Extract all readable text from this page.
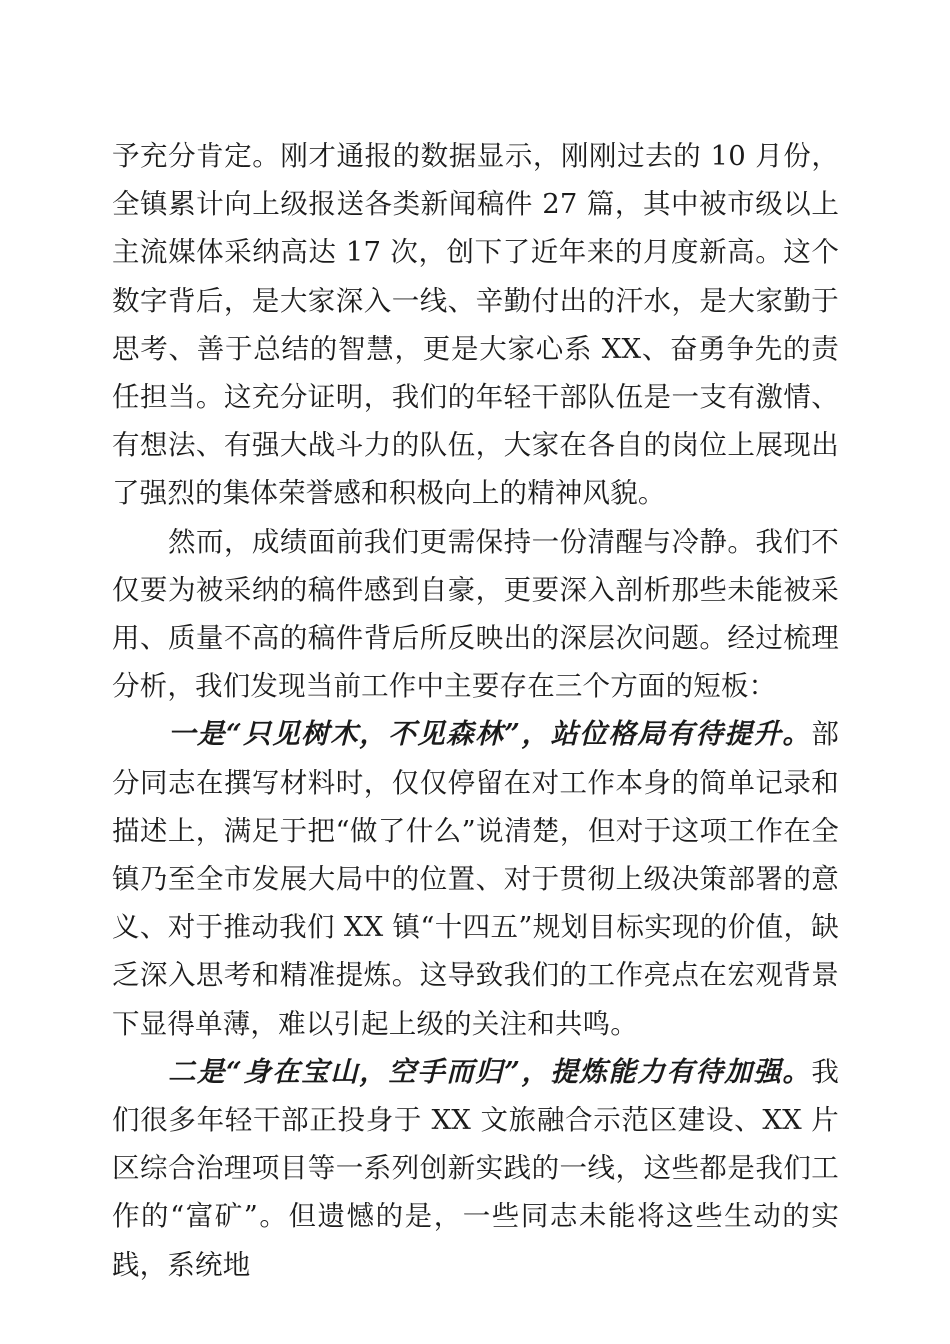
予充分肯定。刚才通报的数据显示，刚刚过去的 10 月份，全镇累计向上级报送各类新闻稿件 27 篇，其中被市级以上主流媒体采纳高达 17 次，创下了近年来的月度新高。这个数字背后，是大家深入一线、辛勤付出的汗水，是大家勤于思考、善于总结的智慧，更是大家心系 XX、奋勇争先的责任担当。这充分证明，我们的年轻干部队伍是一支有激情、有想法、有强大战斗力的队伍，大家在各自的岗位上展现出了强烈的集体荣誉感和积极向上的精神风貌。

然而，成绩面前我们更需保持一份清醒与冷静。我们不仅要为被采纳的稿件感到自豪，更要深入剖析那些未能被采用、质量不高的稿件背后所反映出的深层次问题。经过梳理分析，我们发现当前工作中主要存在三个方面的短板：

一是“只见树木，不见森林”，站位格局有待提升。部分同志在撰写材料时，仅仅停留在对工作本身的简单记录和描述上，满足于把“做了什么”说清楚，但对于这项工作在全镇乃至全市发展大局中的位置、对于贯彻上级决策部署的意义、对于推动我们 XX 镇“十四五”规划目标实现的价值，缺乏深入思考和精准提炼。这导致我们的工作亮点在宏观背景下显得单薄，难以引起上级的关注和共鸣。

二是“身在宝山，空手而归”，提炼能力有待加强。我们很多年轻干部正投身于 XX 文旅融合示范区建设、XX 片区综合治理项目等一系列创新实践的一线，这些都是我们工作的“富矿”。但遗憾的是，一些同志未能将这些生动的实践，系统地
